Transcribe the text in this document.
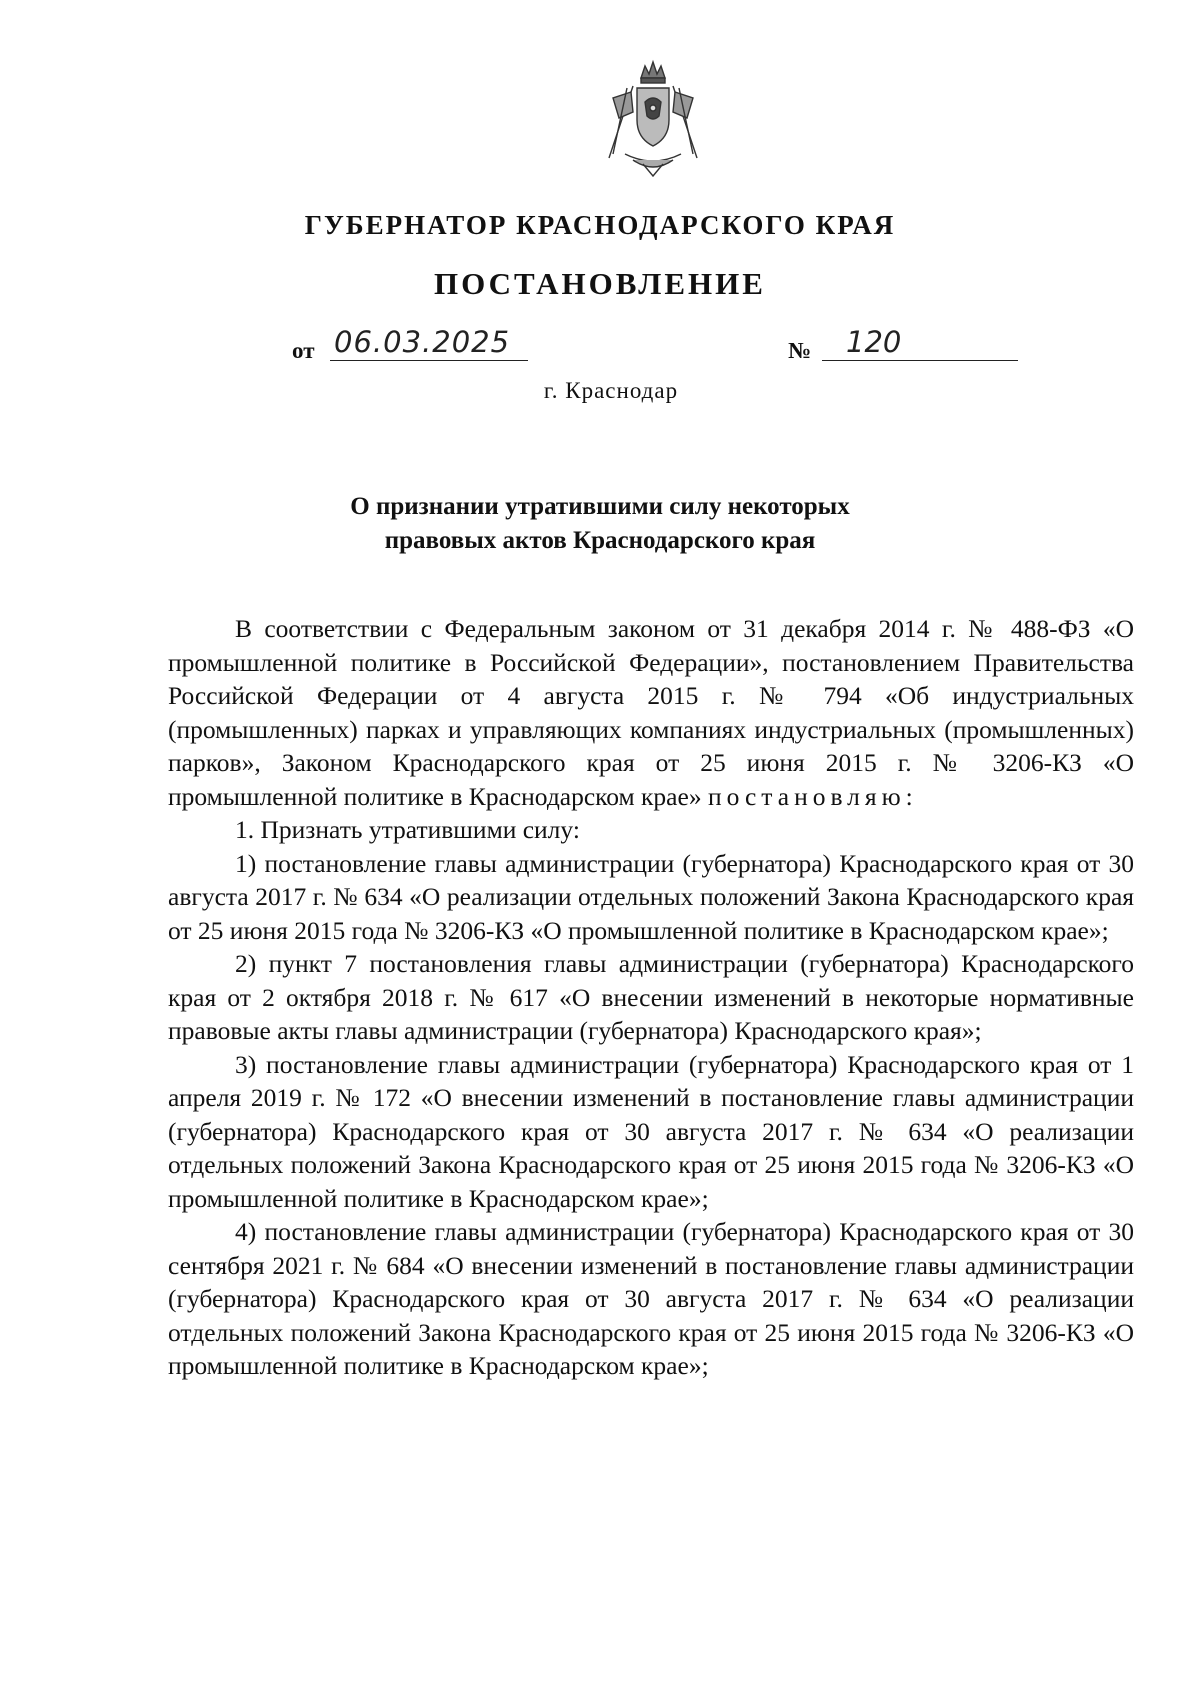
ГУБЕРНАТОР КРАСНОДАРСКОГО КРАЯ
ПОСТАНОВЛЕНИЕ
от 06.03.2025	№	120
г. Краснодар
О признании утратившими силу некоторых
правовых актов Краснодарского края

В соответствии с Федеральным законом от 31 декабря 2014 г. № 488-ФЗ «О промышленной политике в Российской Федерации», постановлением Правительства Российской Федерации от 4 августа 2015 г. № 794 «Об индустриальных (промышленных) парках и управляющих компаниях индустриальных (промышленных) парков», Законом Краснодарского края от 25 июня 2015 г. № 3206-КЗ «О промышленной политике в Краснодарском крае» постановляю:

1. Признать утратившими силу:

1) постановление главы администрации (губернатора) Краснодарского края от 30 августа 2017 г. № 634 «О реализации отдельных положений Закона Краснодарского края от 25 июня 2015 года № 3206-КЗ «О промышленной политике в Краснодарском крае»;

2) пункт 7 постановления главы администрации (губернатора) Краснодарского края от 2 октября 2018 г. № 617 «О внесении изменений в некоторые нормативные правовые акты главы администрации (губернатора) Краснодарского края»;

3) постановление главы администрации (губернатора) Краснодарского края от 1 апреля 2019 г. № 172 «О внесении изменений в постановление главы администрации (губернатора) Краснодарского края от 30 августа 2017 г. № 634 «О реализации отдельных положений Закона Краснодарского края от 25 июня 2015 года № 3206-КЗ «О промышленной политике в Краснодарском крае»;

4) постановление главы администрации (губернатора) Краснодарского края от 30 сентября 2021 г. № 684 «О внесении изменений в постановление главы администрации (губернатора) Краснодарского края от 30 августа 2017 г. № 634 «О реализации отдельных положений Закона Краснодарского края от 25 июня 2015 года № 3206-КЗ «О промышленной политике в Краснодарском крае»;
